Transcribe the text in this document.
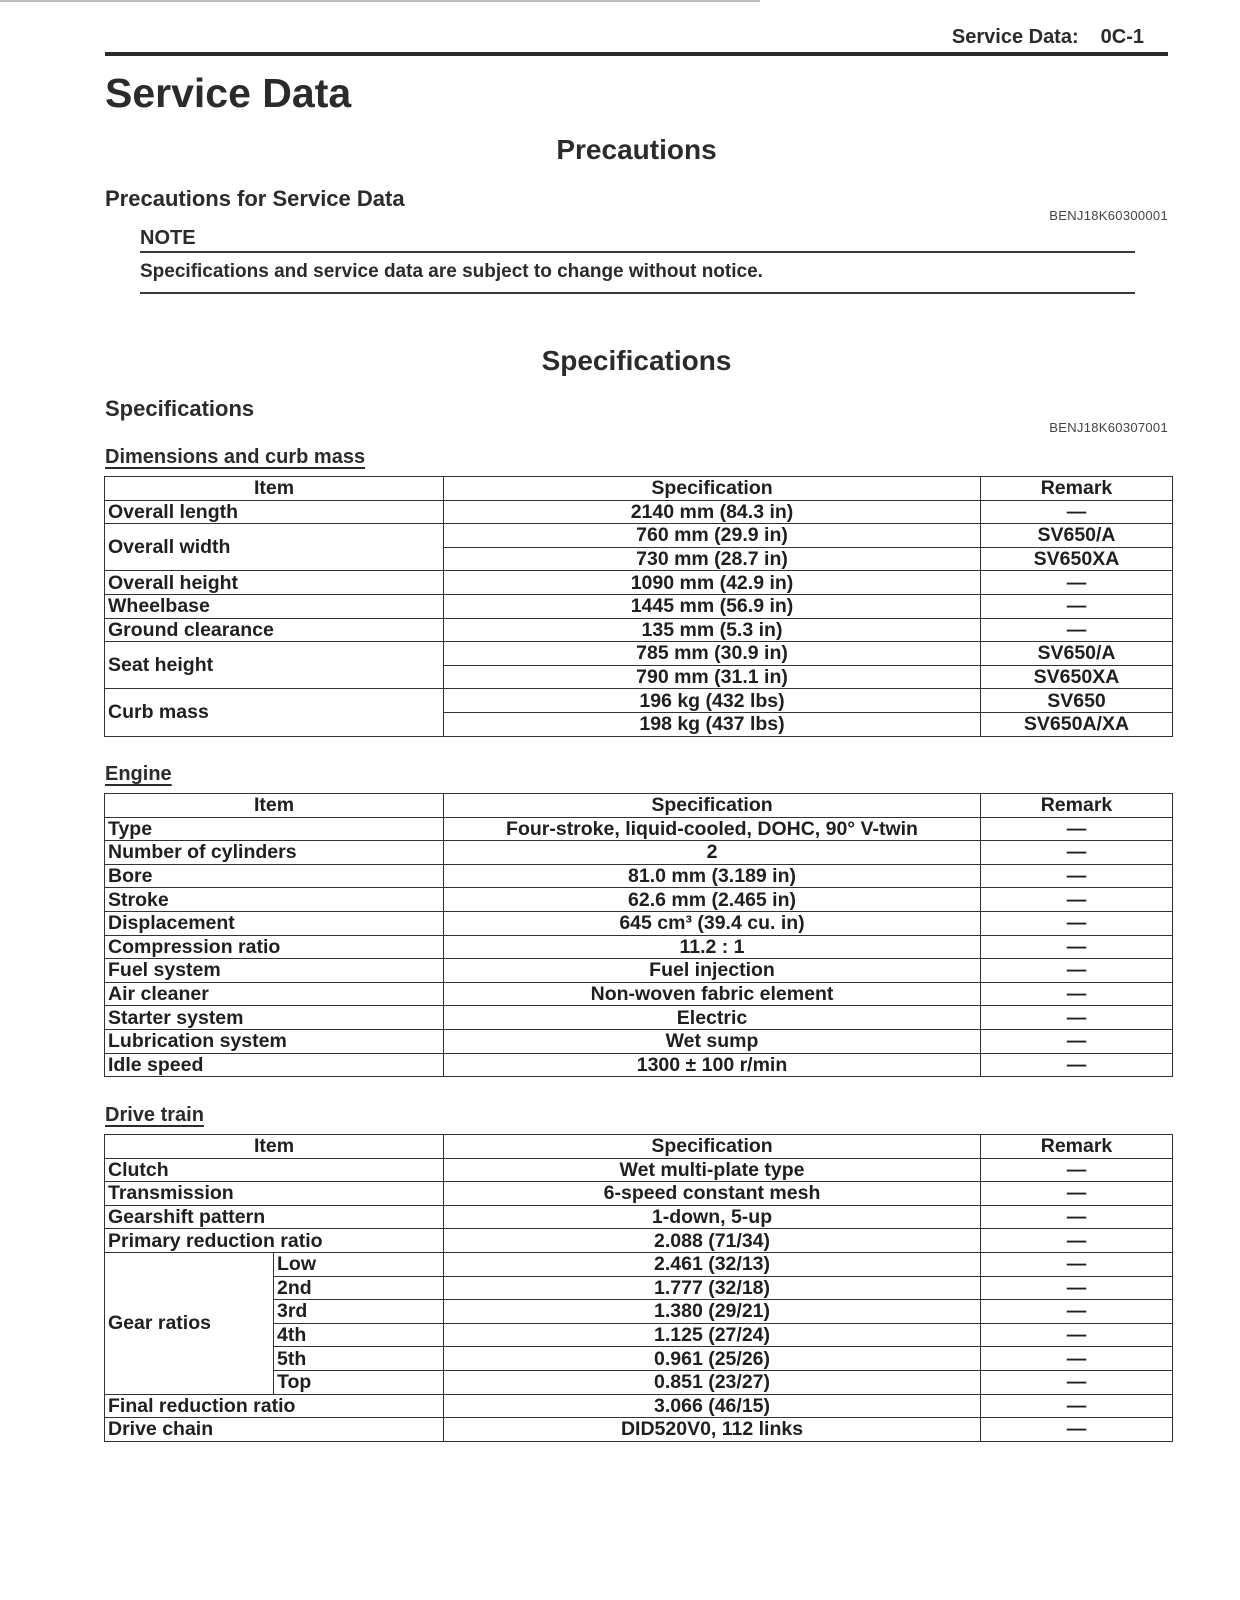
Service Data: 0C-1
Service Data
Precautions
Precautions for Service Data
BENJ18K60300001
NOTE
Specifications and service data are subject to change without notice.
Specifications
Specifications
BENJ18K60307001
Dimensions and curb mass
Item	Specification	Remark
Overall length	2140 mm (84.3 in)	—
Overall width	760 mm (29.9 in)	SV650/A
	730 mm (28.7 in)	SV650XA
Overall height	1090 mm (42.9 in)	—
Wheelbase	1445 mm (56.9 in)	—
Ground clearance	135 mm (5.3 in)	—
Seat height	785 mm (30.9 in)	SV650/A
	790 mm (31.1 in)	SV650XA
Curb mass	196 kg (432 lbs)	SV650
	198 kg (437 lbs)	SV650A/XA
Engine
Item	Specification	Remark
Type	Four-stroke, liquid-cooled, DOHC, 90° V-twin	—
Number of cylinders	2	—
Bore	81.0 mm (3.189 in)	—
Stroke	62.6 mm (2.465 in)	—
Displacement	645 cm³ (39.4 cu. in)	—
Compression ratio	11.2 : 1	—
Fuel system	Fuel injection	—
Air cleaner	Non-woven fabric element	—
Starter system	Electric	—
Lubrication system	Wet sump	—
Idle speed	1300 ± 100 r/min	—
Drive train
Item		Specification	Remark
Clutch		Wet multi-plate type	—
Transmission		6-speed constant mesh	—
Gearshift pattern		1-down, 5-up	—
Primary reduction ratio		2.088 (71/34)	—
Gear ratios	Low	2.461 (32/13)	—
	2nd	1.777 (32/18)	—
	3rd	1.380 (29/21)	—
	4th	1.125 (27/24)	—
	5th	0.961 (25/26)	—
	Top	0.851 (23/27)	—
Final reduction ratio		3.066 (46/15)	—
Drive chain		DID520V0, 112 links	—
